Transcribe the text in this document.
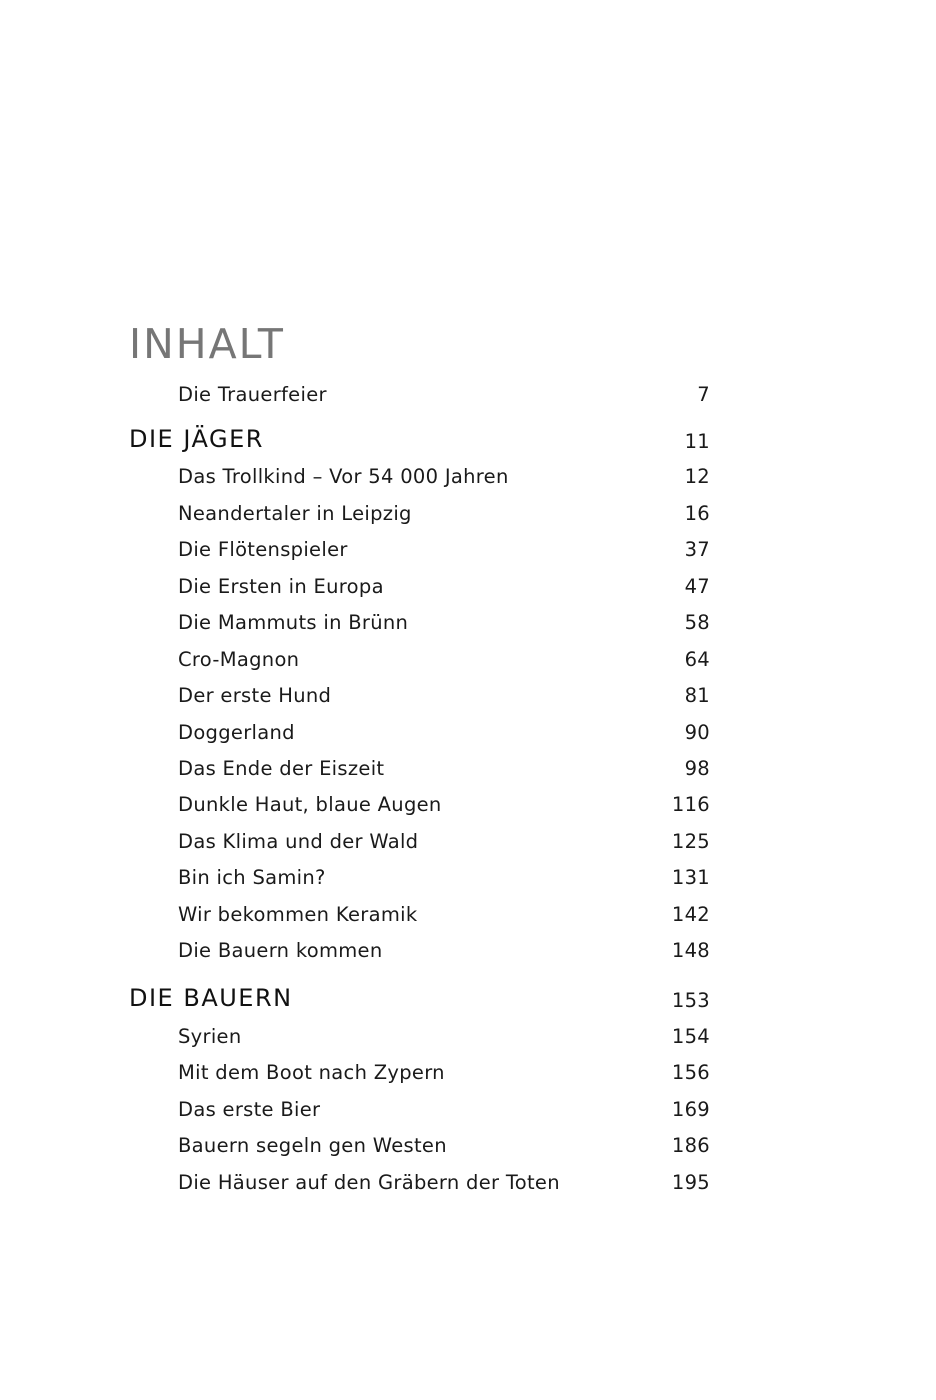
INHALT
Die Trauerfeier	7
DIE JÄGER	11
Das Trollkind – Vor 54 000 Jahren	12
Neandertaler in Leipzig	16
Die Flötenspieler	37
Die Ersten in Europa	47
Die Mammuts in Brünn	58
Cro-Magnon	64
Der erste Hund	81
Doggerland	90
Das Ende der Eiszeit	98
Dunkle Haut, blaue Augen	116
Das Klima und der Wald	125
Bin ich Samin?	131
Wir bekommen Keramik	142
Die Bauern kommen	148
DIE BAUERN	153
Syrien	154
Mit dem Boot nach Zypern	156
Das erste Bier	169
Bauern segeln gen Westen	186
Die Häuser auf den Gräbern der Toten	195
